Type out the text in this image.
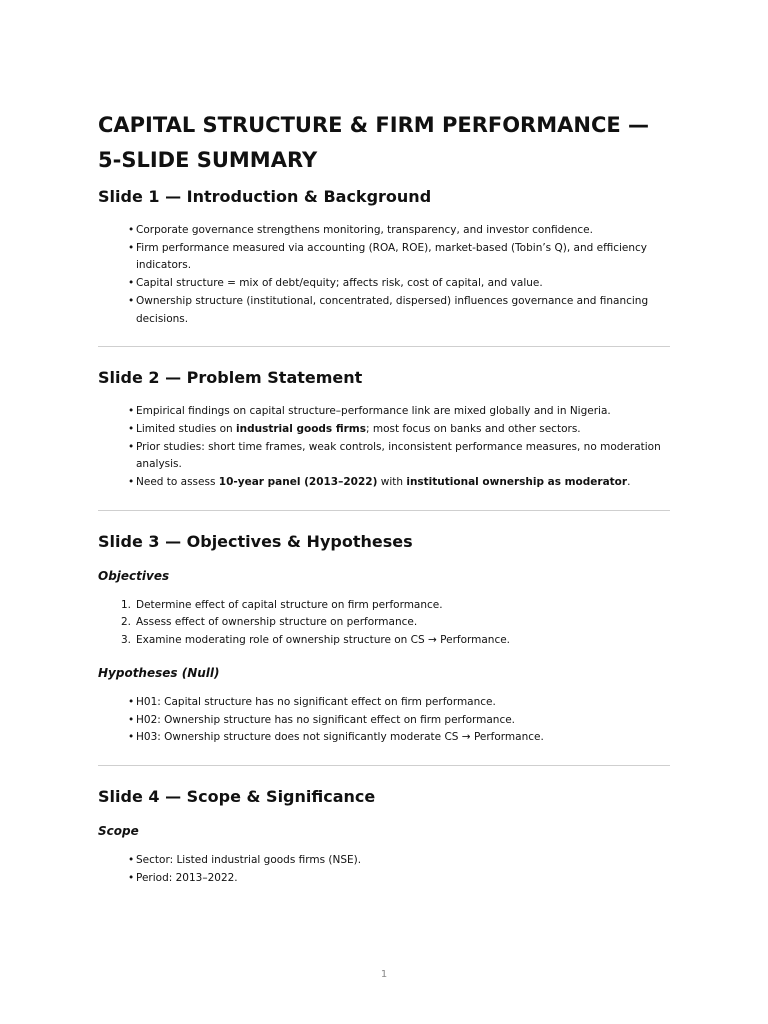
CAPITAL STRUCTURE & FIRM PERFORMANCE —
5-SLIDE SUMMARY
Slide 1 — Introduction & Background
• Corporate governance strengthens monitoring, transparency, and investor confidence.
• Firm performance measured via accounting (ROA, ROE), market-based (Tobin’s Q), and efficiency indicators.
• Capital structure = mix of debt/equity; affects risk, cost of capital, and value.
• Ownership structure (institutional, concentrated, dispersed) influences governance and financing decisions.
Slide 2 — Problem Statement
• Empirical findings on capital structure–performance link are mixed globally and in Nigeria.
• Limited studies on industrial goods firms; most focus on banks and other sectors.
• Prior studies: short time frames, weak controls, inconsistent performance measures, no moderation analysis.
• Need to assess 10-year panel (2013–2022) with institutional ownership as moderator.
Slide 3 — Objectives & Hypotheses
Objectives
1. Determine effect of capital structure on firm performance.
2. Assess effect of ownership structure on performance.
3. Examine moderating role of ownership structure on CS → Performance.
Hypotheses (Null)
• H01: Capital structure has no significant effect on firm performance.
• H02: Ownership structure has no significant effect on firm performance.
• H03: Ownership structure does not significantly moderate CS → Performance.
Slide 4 — Scope & Significance
Scope
• Sector: Listed industrial goods firms (NSE).
• Period: 2013–2022.
1
